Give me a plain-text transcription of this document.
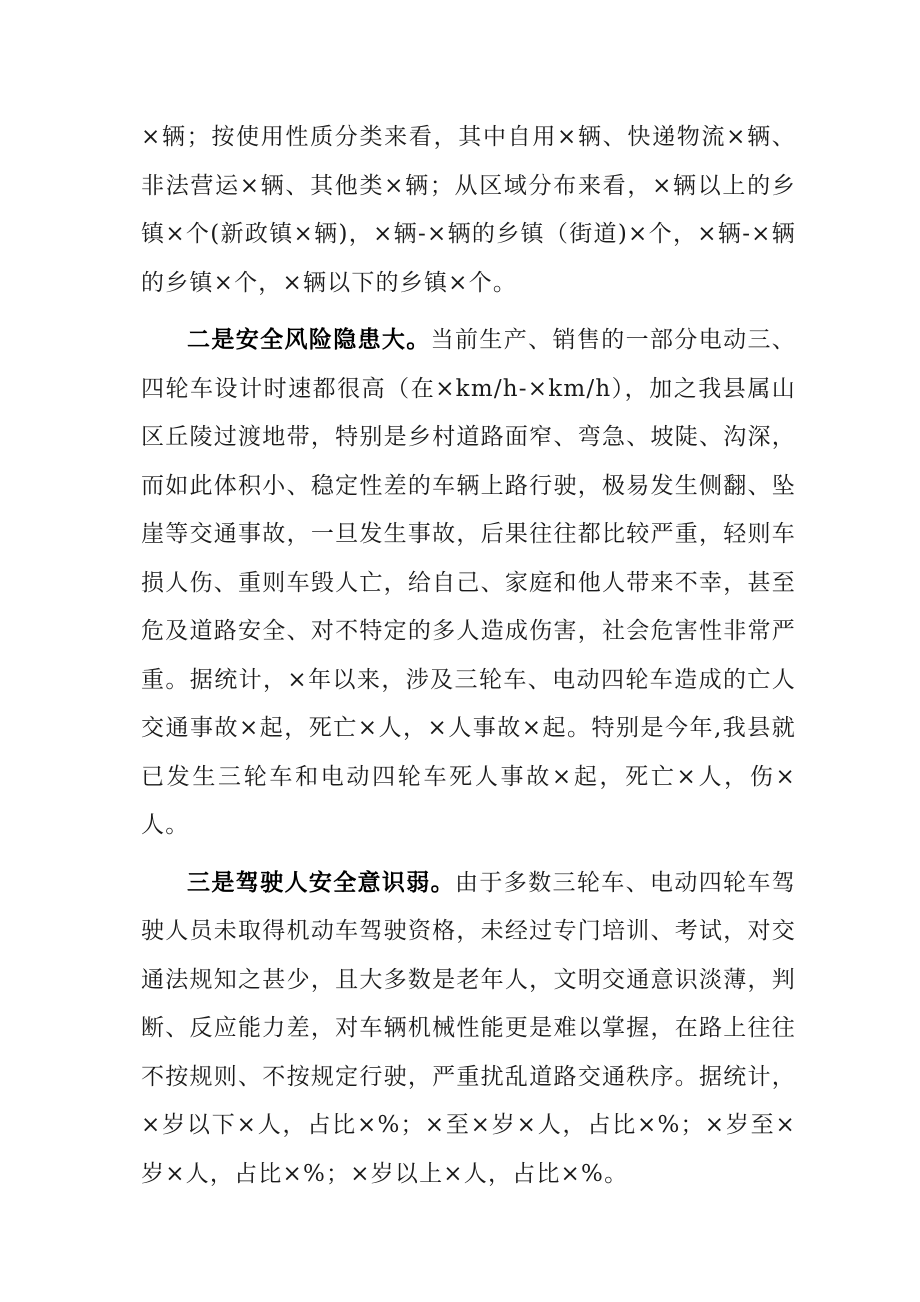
×辆；按使用性质分类来看，其中自用×辆、快递物流×辆、非法营运×辆、其他类×辆；从区域分布来看，×辆以上的乡镇×个(新政镇×辆)，×辆-×辆的乡镇（街道)×个，×辆-×辆的乡镇×个，×辆以下的乡镇×个。

二是安全风险隐患大。当前生产、销售的一部分电动三、四轮车设计时速都很高（在×km/h-×km/h），加之我县属山区丘陵过渡地带，特别是乡村道路面窄、弯急、坡陡、沟深，而如此体积小、稳定性差的车辆上路行驶，极易发生侧翻、坠崖等交通事故，一旦发生事故，后果往往都比较严重，轻则车损人伤、重则车毁人亡，给自己、家庭和他人带来不幸，甚至危及道路安全、对不特定的多人造成伤害，社会危害性非常严重。据统计，×年以来，涉及三轮车、电动四轮车造成的亡人交通事故×起，死亡×人，×人事故×起。特别是今年,我县就已发生三轮车和电动四轮车死人事故×起，死亡×人，伤×人。

三是驾驶人安全意识弱。由于多数三轮车、电动四轮车驾驶人员未取得机动车驾驶资格，未经过专门培训、考试，对交通法规知之甚少，且大多数是老年人，文明交通意识淡薄，判断、反应能力差，对车辆机械性能更是难以掌握，在路上往往不按规则、不按规定行驶，严重扰乱道路交通秩序。据统计，×岁以下×人，占比×%；×至×岁×人，占比×%；×岁至×岁×人，占比×%；×岁以上×人，占比×%。
